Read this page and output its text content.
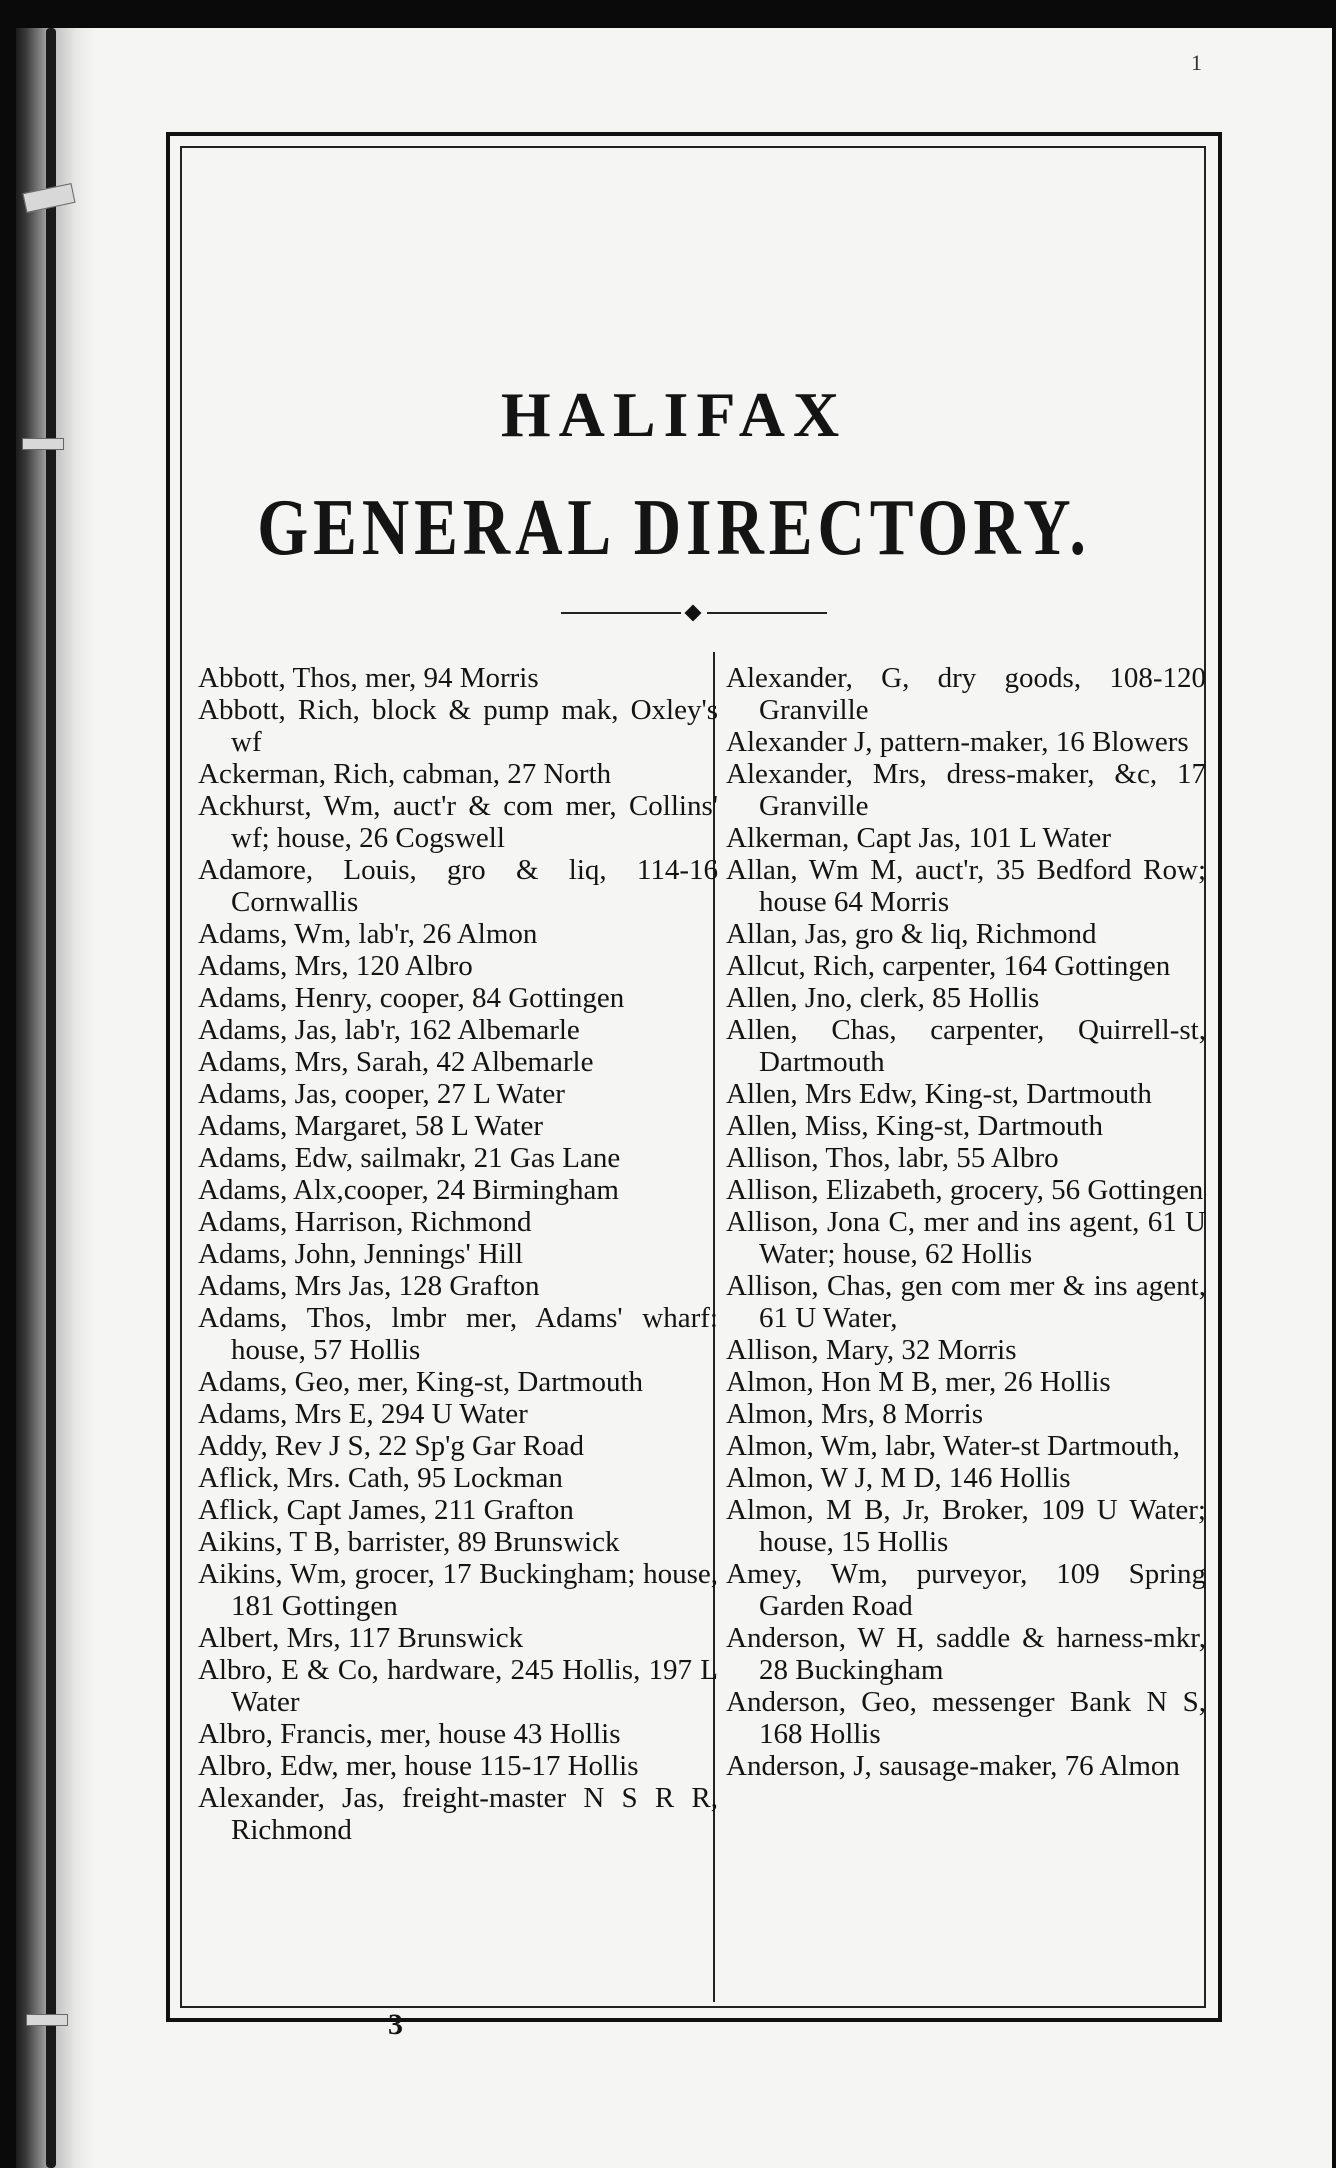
1
HALIFAX
GENERAL DIRECTORY.
Abbott, Thos, mer, 94 Morris
Abbott, Rich, block & pump mak, Oxley's wf
Ackerman, Rich, cabman, 27 North
Ackhurst, Wm, auct'r & com mer, Collins' wf; house, 26 Cogswell
Adamore, Louis, gro & liq, 114-16 Cornwallis
Adams, Wm, lab'r, 26 Almon
Adams, Mrs, 120 Albro
Adams, Henry, cooper, 84 Gottingen
Adams, Jas, lab'r, 162 Albemarle
Adams, Mrs, Sarah, 42 Albemarle
Adams, Jas, cooper, 27 L Water
Adams, Margaret, 58 L Water
Adams, Edw, sailmakr, 21 Gas Lane
Adams, Alx,cooper, 24 Birmingham
Adams, Harrison, Richmond
Adams, John, Jennings' Hill
Adams, Mrs Jas, 128 Grafton
Adams, Thos, lmbr mer, Adams' wharf: house, 57 Hollis
Adams, Geo, mer, King-st, Dartmouth
Adams, Mrs E, 294 U Water
Addy, Rev J S, 22 Sp'g Gar Road
Aflick, Mrs. Cath, 95 Lockman
Aflick, Capt James, 211 Grafton
Aikins, T B, barrister, 89 Brunswick
Aikins, Wm, grocer, 17 Buckingham; house, 181 Gottingen
Albert, Mrs, 117 Brunswick
Albro, E & Co, hardware, 245 Hollis, 197 L Water
Albro, Francis, mer, house 43 Hollis
Albro, Edw, mer, house 115-17 Hollis
Alexander, Jas, freight-master N S R R, Richmond
Alexander, G, dry goods, 108-120 Granville
Alexander J, pattern-maker, 16 Blowers
Alexander, Mrs, dress-maker, &c, 17 Granville
Alkerman, Capt Jas, 101 L Water
Allan, Wm M, auct'r, 35 Bedford Row; house 64 Morris
Allan, Jas, gro & liq, Richmond
Allcut, Rich, carpenter, 164 Gottingen
Allen, Jno, clerk, 85 Hollis
Allen, Chas, carpenter, Quirrell-st, Dartmouth
Allen, Mrs Edw, King-st, Dartmouth
Allen, Miss, King-st, Dartmouth
Allison, Thos, labr, 55 Albro
Allison, Elizabeth, grocery, 56 Gottingen
Allison, Jona C, mer and ins agent, 61 U Water; house, 62 Hollis
Allison, Chas, gen com mer & ins agent, 61 U Water,
Allison, Mary, 32 Morris
Almon, Hon M B, mer, 26 Hollis
Almon, Mrs, 8 Morris
Almon, Wm, labr, Water-st Dartmouth,
Almon, W J, M D, 146 Hollis
Almon, M B, Jr, Broker, 109 U Water; house, 15 Hollis
Amey, Wm, purveyor, 109 Spring Garden Road
Anderson, W H, saddle & harness-mkr, 28 Buckingham
Anderson, Geo, messenger Bank N S, 168 Hollis
Anderson, J, sausage-maker, 76 Almon
3
